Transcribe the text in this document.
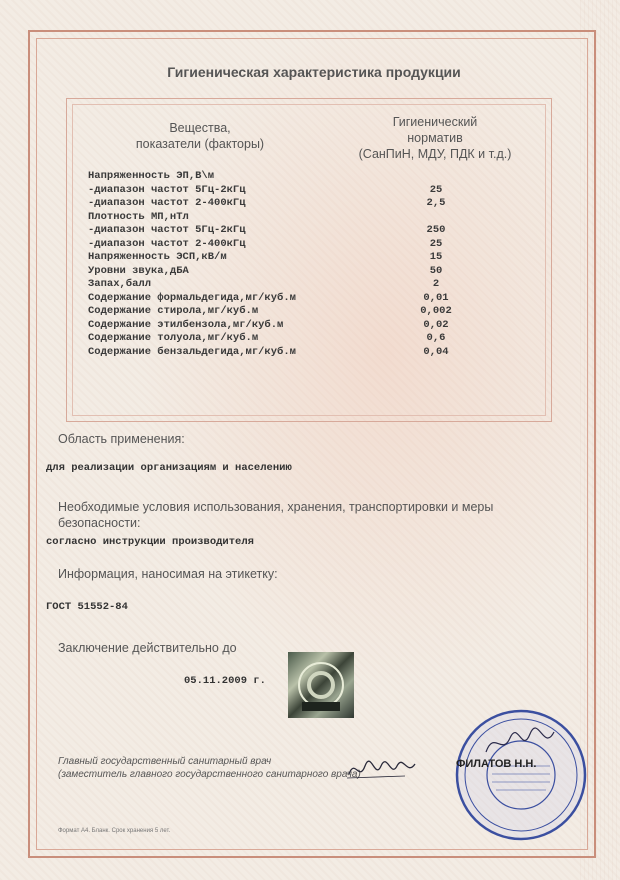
Гигиеническая характеристика продукции
Вещества,
показатели (факторы)
Гигиенический
норматив
(СанПиН, МДУ, ПДК и т.д.)
Напряженность ЭП,В\м
-диапазон частот 5Гц-2кГц	25
-диапазон частот 2-400кГц	2,5
Плотность МП,нТл
-диапазон частот 5Гц-2кГц	250
-диапазон частот 2-400кГц	25
Напряженность ЭСП,кВ/м	15
Уровни звука,дБА	50
Запах,балл	2
Содержание формальдегида,мг/куб.м	0,01
Содержание стирола,мг/куб.м	0,002
Содержание этилбензола,мг/куб.м	0,02
Содержание толуола,мг/куб.м	0,6
Содержание бензальдегида,мг/куб.м	0,04
Область применения:
для реализации организациям и населению
Необходимые условия использования, хранения, транспортировки и меры
безопасности:
согласно инструкции производителя
Информация, наносимая на этикетку:
ГОСТ 51552-84
Заключение действительно до
05.11.2009 г.
Главный государственный санитарный врач
(заместитель главного государственного санитарного врача)
ФИЛАТОВ Н.Н.
Формат А4. Бланк. Срок хранения 5 лет.
